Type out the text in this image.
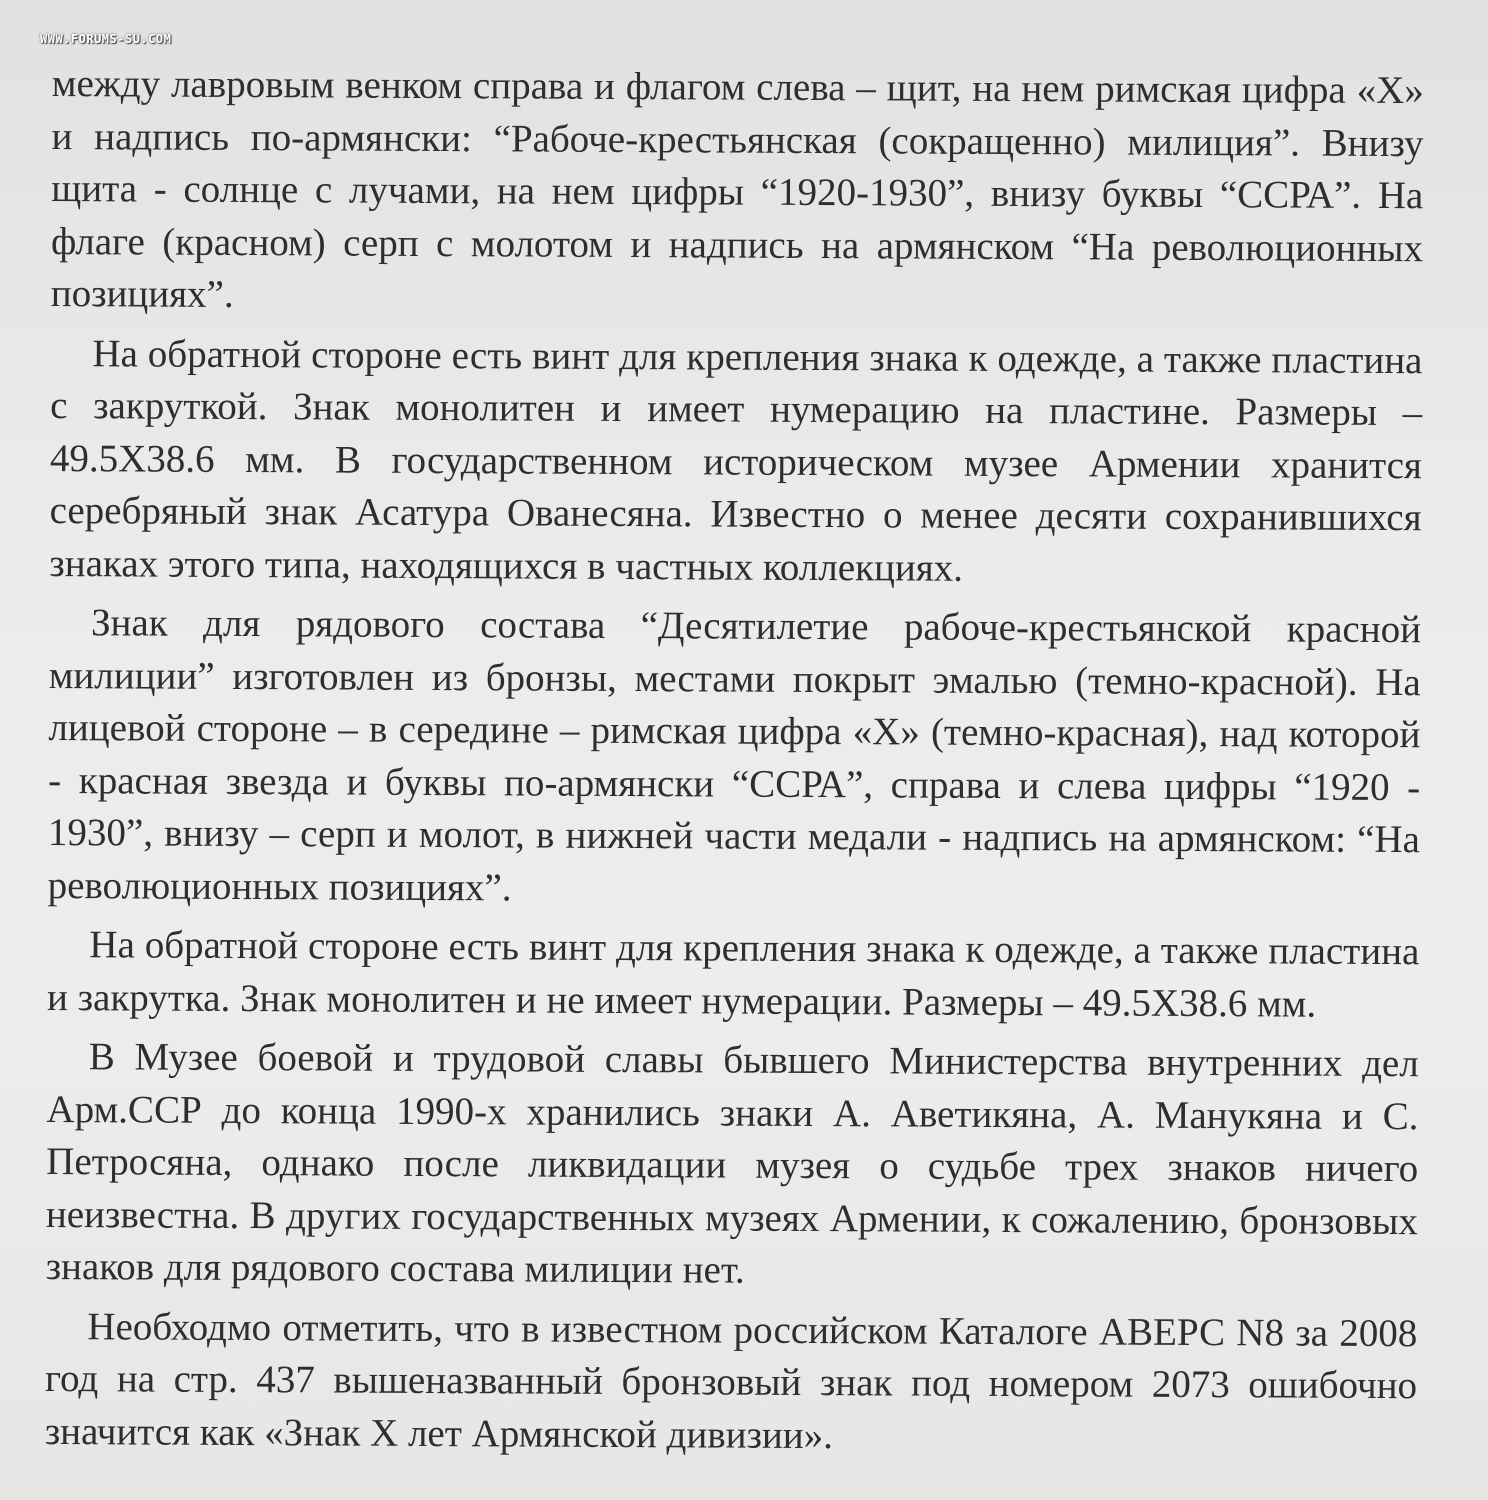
WWW.FORUMS-SU.COM

между лавровым венком справа и флагом слева – щит, на нем римская цифра «Х» и надпись по-армянски: “Рабоче-крестьянская (сокращенно) милиция”. Внизу щита - солнце с лучами, на нем цифры “1920-1930”, внизу буквы “ССРА”. На флаге (красном) серп с молотом и надпись на армянском “На революционных позициях”.

На обратной стороне есть винт для крепления знака к одежде, а также пластина с закруткой. Знак монолитен и имеет нумерацию на пластине. Размеры – 49.5Х38.6 мм. В государственном историческом музее Армении хранится серебряный знак Асатура Ованесяна. Известно о менее десяти сохранившихся знаках этого типа, находящихся в частных коллекциях.

Знак для рядового состава “Десятилетие рабоче-крестьянской красной милиции” изготовлен из бронзы, местами покрыт эмалью (темно-красной). На лицевой стороне – в середине – римская цифра «Х» (темно-красная), над которой - красная звезда и буквы по-армянски “ССРА”, справа и слева цифры “1920 - 1930”, внизу – серп и молот, в нижней части медали - надпись на армянском: “На революционных позициях”.

На обратной стороне есть винт для крепления знака к одежде, а также пластина и закрутка. Знак монолитен и не имеет нумерации. Размеры – 49.5Х38.6 мм.

В Музее боевой и трудовой славы бывшего Министерства внутренних дел Арм.ССР до конца 1990-х хранились знаки А. Аветикяна, А. Манукяна и С. Петросяна, однако после ликвидации музея о судьбе трех знаков ничего неизвестна. В других государственных музеях Армении, к сожалению, бронзовых знаков для рядового состава милиции нет.

Необходмо отметить, что в известном российском Каталоге АВЕРС N8 за 2008 год на стр. 437 вышеназванный бронзовый знак под номером 2073 ошибочно значится как «Знак Х лет Армянской дивизии».
